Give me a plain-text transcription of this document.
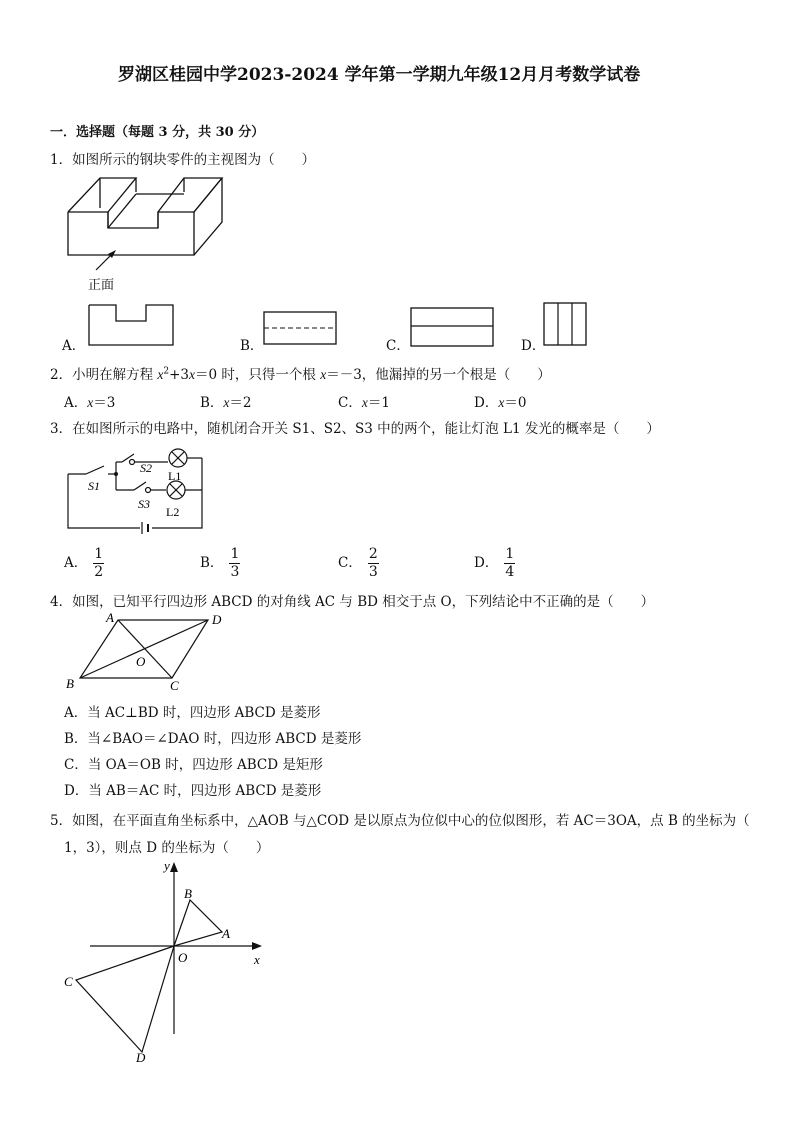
罗湖区桂园中学2023-2024 学年第一学期九年级12月月考数学试卷
一．选择题（每题 3 分，共 30 分）
1．如图所示的钢块零件的主视图为（　　）
正面
A．	B．	C．	D．
2．小明在解方程 $x^2+3x=0$ 时，只得一个根 x＝－3，他漏掉的另一个根是（　　）
A．x＝3	B．x＝2	C．x＝1	D．x＝0
3．在如图所示的电路中，随机闭合开关 S1、S2、S3 中的两个，能让灯泡 L1 发光的概率是（　　）
S1
S2
L1
S3
L2
A． $\frac{1}{2}$	B． $\frac{1}{3}$	C． $\frac{2}{3}$	D． $\frac{1}{4}$
4．如图，已知平行四边形 ABCD 的对角线 AC 与 BD 相交于点 O，下列结论中不正确的是（　　）
A	D
B	C
O
A．当 AC⊥BD 时，四边形 ABCD 是菱形
B．当∠BAO＝∠DAO 时，四边形 ABCD 是菱形
C．当 OA＝OB 时，四边形 ABCD 是矩形
D．当 AB＝AC 时，四边形 ABCD 是菱形
5．如图，在平面直角坐标系中，△AOB 与△COD 是以原点为位似中心的位似图形，若 AC＝3OA，点 B 的坐标为（
1，3），则点 D 的坐标为（　　）
x
y
O
A
B
C
D
